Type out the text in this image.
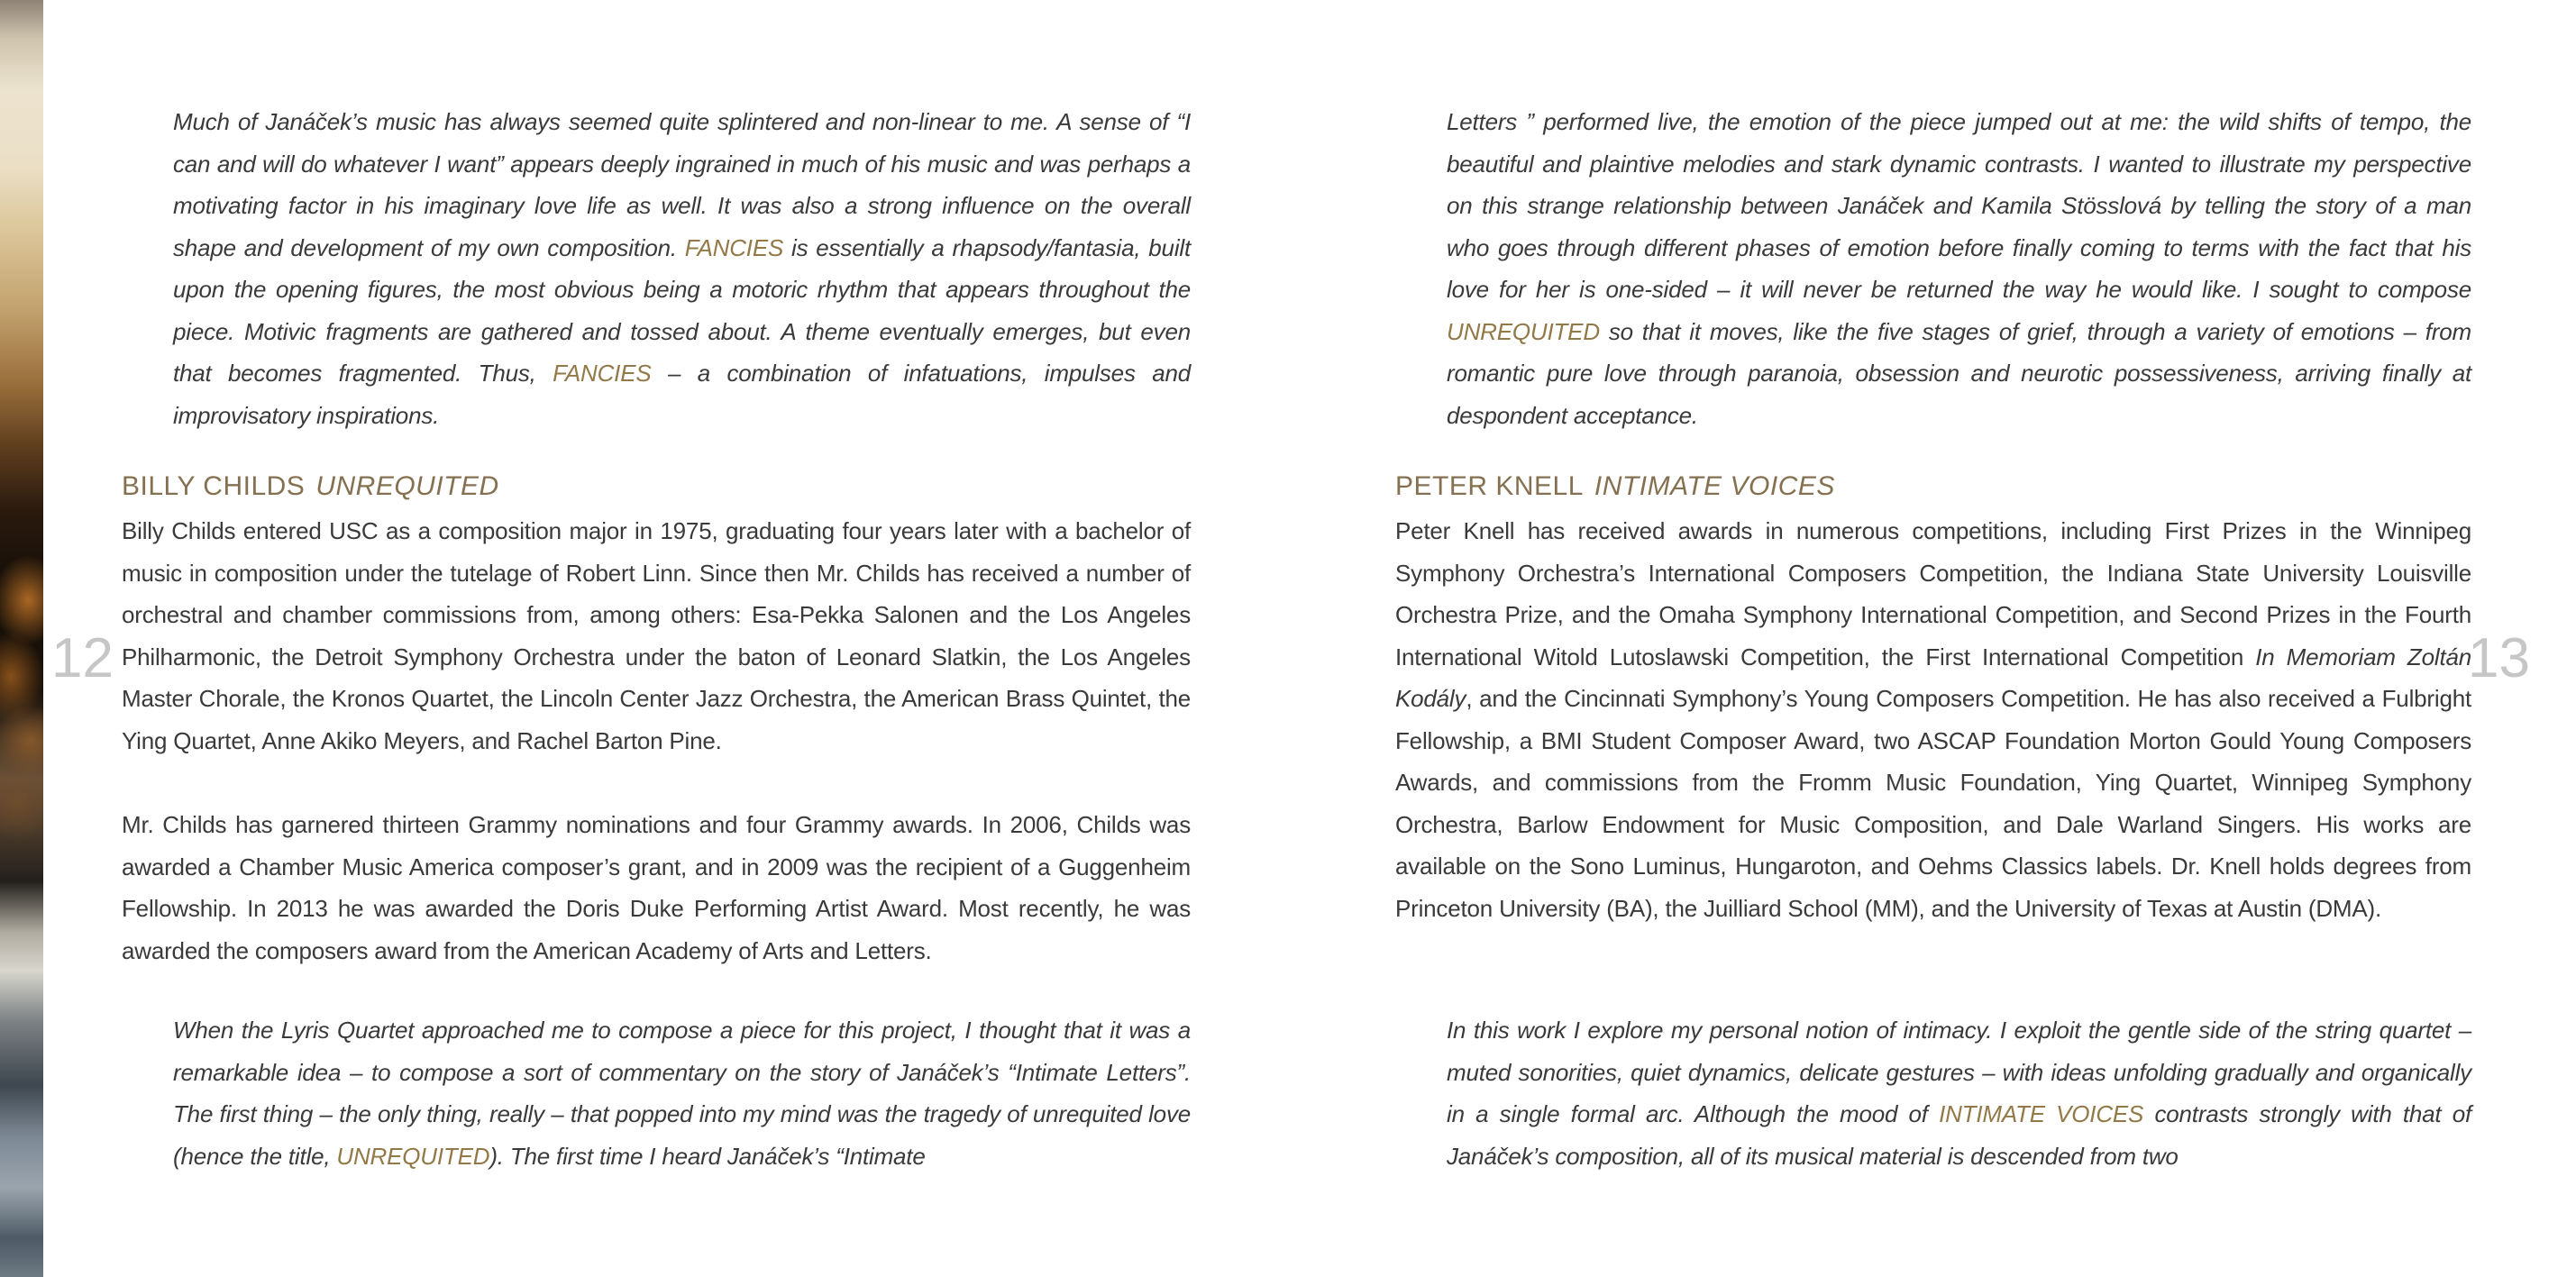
12	13

Much of Janáček’s music has always seemed quite splintered and non-linear to me. A sense of “I can and will do whatever I want” appears deeply ingrained in much of his music and was perhaps a motivating factor in his imaginary love life as well. It was also a strong influence on the overall shape and development of my own composition. FANCIES is essentially a rhapsody/fantasia, built upon the opening figures, the most obvious being a motoric rhythm that appears throughout the piece. Motivic fragments are gathered and tossed about. A theme eventually emerges, but even that becomes fragmented. Thus, FANCIES – a combination of infatuations, impulses and improvisatory inspirations.

BILLY CHILDS UNREQUITED

Billy Childs entered USC as a composition major in 1975, graduating four years later with a bachelor of music in composition under the tutelage of Robert Linn. Since then Mr. Childs has received a number of orchestral and chamber commissions from, among others: Esa-Pekka Salonen and the Los Angeles Philharmonic, the Detroit Symphony Orchestra under the baton of Leonard Slatkin, the Los Angeles Master Chorale, the Kronos Quartet, the Lincoln Center Jazz Orchestra, the American Brass Quintet, the Ying Quartet, Anne Akiko Meyers, and Rachel Barton Pine.

Mr. Childs has garnered thirteen Grammy nominations and four Grammy awards. In 2006, Childs was awarded a Chamber Music America composer’s grant, and in 2009 was the recipient of a Guggenheim Fellowship. In 2013 he was awarded the Doris Duke Performing Artist Award. Most recently, he was awarded the composers award from the American Academy of Arts and Letters.

When the Lyris Quartet approached me to compose a piece for this project, I thought that it was a remarkable idea – to compose a sort of commentary on the story of Janáček’s “Intimate Letters”. The first thing – the only thing, really – that popped into my mind was the tragedy of unrequited love (hence the title, UNREQUITED). The first time I heard Janáček’s “Intimate

Letters ” performed live, the emotion of the piece jumped out at me: the wild shifts of tempo, the beautiful and plaintive melodies and stark dynamic contrasts. I wanted to illustrate my perspective on this strange relationship between Janáček and Kamila Stösslová by telling the story of a man who goes through different phases of emotion before finally coming to terms with the fact that his love for her is one-sided – it will never be returned the way he would like. I sought to compose UNREQUITED so that it moves, like the five stages of grief, through a variety of emotions – from romantic pure love through paranoia, obsession and neurotic possessiveness, arriving finally at despondent acceptance.

PETER KNELL INTIMATE VOICES

Peter Knell has received awards in numerous competitions, including First Prizes in the Winnipeg Symphony Orchestra’s International Composers Competition, the Indiana State University Louisville Orchestra Prize, and the Omaha Symphony International Competition, and Second Prizes in the Fourth International Witold Lutoslawski Competition, the First International Competition In Memoriam Zoltán Kodály, and the Cincinnati Symphony’s Young Composers Competition. He has also received a Fulbright Fellowship, a BMI Student Composer Award, two ASCAP Foundation Morton Gould Young Composers Awards, and commissions from the Fromm Music Foundation, Ying Quartet, Winnipeg Symphony Orchestra, Barlow Endowment for Music Composition, and Dale Warland Singers. His works are available on the Sono Luminus, Hungaroton, and Oehms Classics labels. Dr. Knell holds degrees from Princeton University (BA), the Juilliard School (MM), and the University of Texas at Austin (DMA).

In this work I explore my personal notion of intimacy. I exploit the gentle side of the string quartet – muted sonorities, quiet dynamics, delicate gestures – with ideas unfolding gradually and organically in a single formal arc. Although the mood of INTIMATE VOICES contrasts strongly with that of Janáček’s composition, all of its musical material is descended from two
